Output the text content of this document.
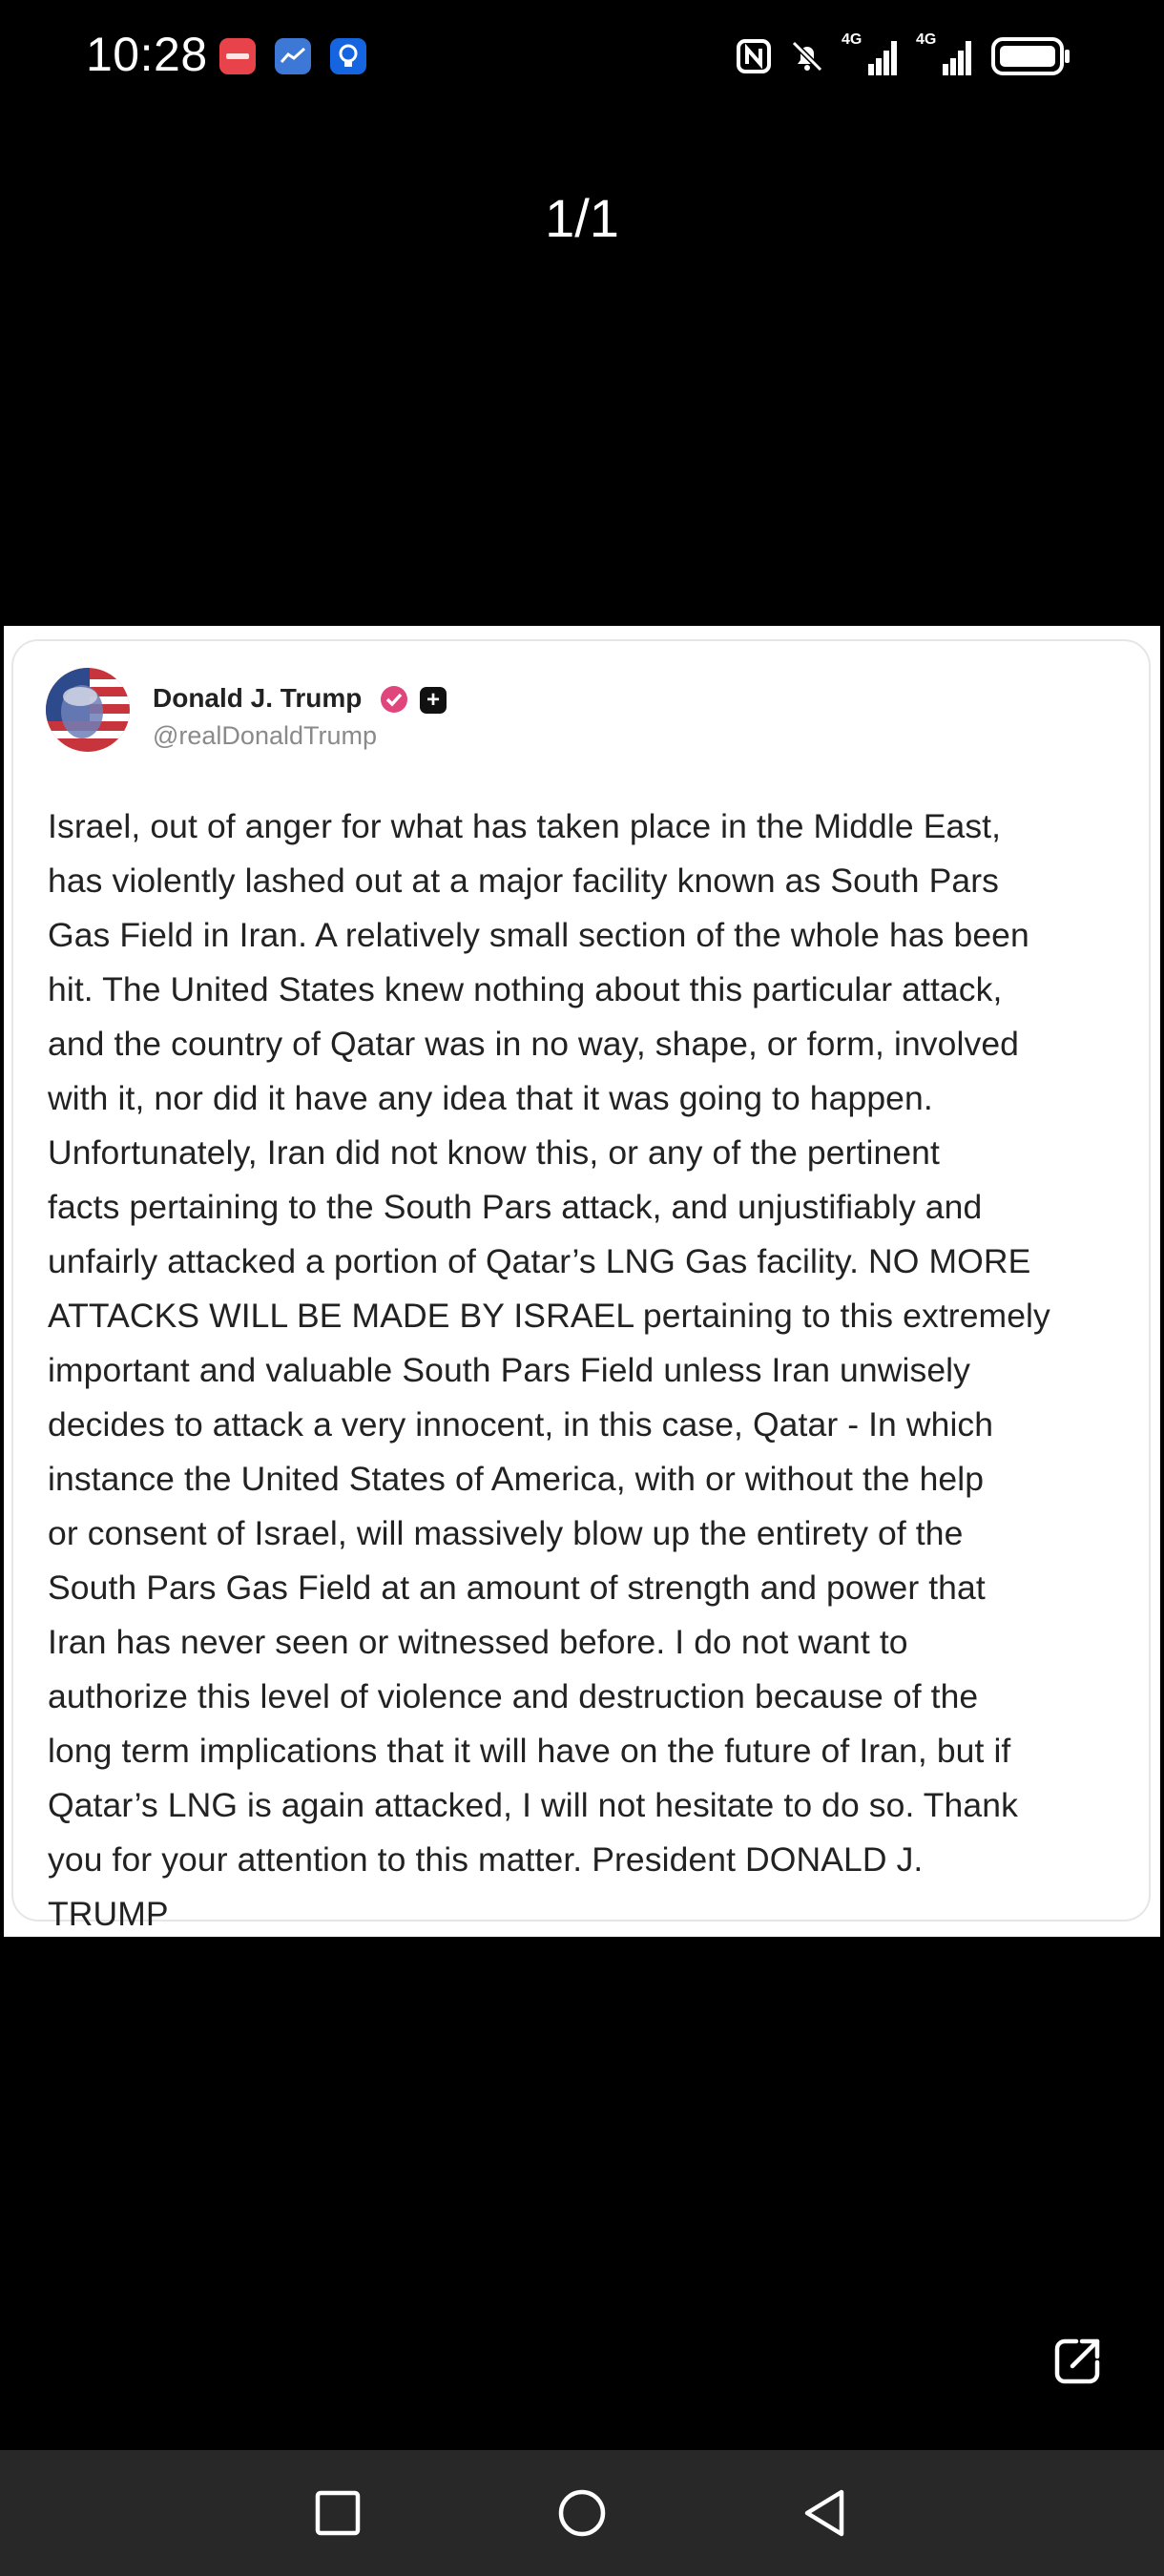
10:28	4G	4G
1/1
Donald J. Trump	+
@realDonaldTrump

Israel, out of anger for what has taken place in the Middle East,
has violently lashed out at a major facility known as South Pars
Gas Field in Iran. A relatively small section of the whole has been
hit. The United States knew nothing about this particular attack,
and the country of Qatar was in no way, shape, or form, involved
with it, nor did it have any idea that it was going to happen.
Unfortunately, Iran did not know this, or any of the pertinent
facts pertaining to the South Pars attack, and unjustifiably and
unfairly attacked a portion of Qatar’s LNG Gas facility. NO MORE
ATTACKS WILL BE MADE BY ISRAEL pertaining to this extremely
important and valuable South Pars Field unless Iran unwisely
decides to attack a very innocent, in this case, Qatar - In which
instance the United States of America, with or without the help
or consent of Israel, will massively blow up the entirety of the
South Pars Gas Field at an amount of strength and power that
Iran has never seen or witnessed before. I do not want to
authorize this level of violence and destruction because of the
long term implications that it will have on the future of Iran, but if
Qatar’s LNG is again attacked, I will not hesitate to do so. Thank
you for your attention to this matter. President DONALD J.
TRUMP
